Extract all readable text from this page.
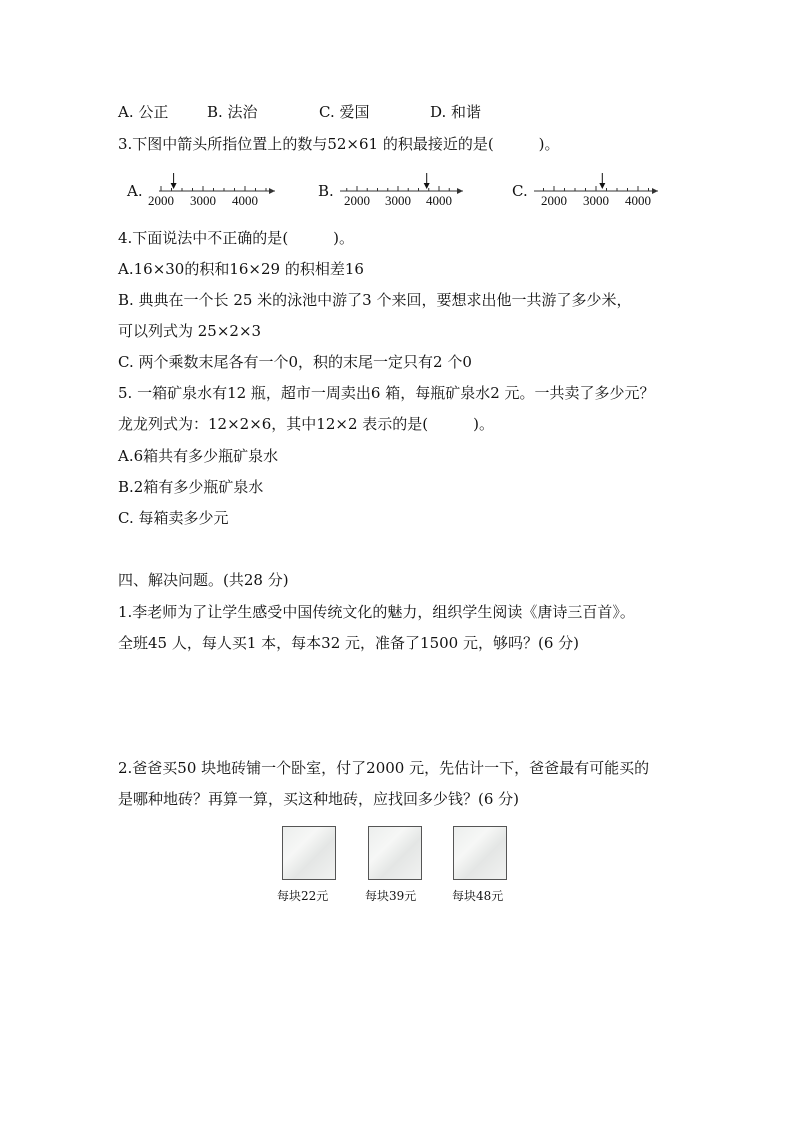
A. 公正	B. 法治	C. 爱国	D. 和谐
3.下图中箭头所指位置上的数与52×61 的积最接近的是(　　　)。
A.
2000 3000 4000
B.
2000 3000 4000
C.
2000 3000 4000
4.下面说法中不正确的是(　　　)。
A.16×30的积和16×29 的积相差16
B. 典典在一个长 25 米的泳池中游了3 个来回，要想求出他一共游了多少米，
可以列式为 25×2×3
C. 两个乘数末尾各有一个0，积的末尾一定只有2 个0
5. 一箱矿泉水有12 瓶，超市一周卖出6 箱，每瓶矿泉水2 元。一共卖了多少元？
龙龙列式为：12×2×6，其中12×2 表示的是(　　　)。
A.6箱共有多少瓶矿泉水
B.2箱有多少瓶矿泉水
C. 每箱卖多少元
四、解决问题。(共28 分)
1.李老师为了让学生感受中国传统文化的魅力，组织学生阅读《唐诗三百首》。
全班45 人，每人买1 本，每本32 元，准备了1500 元，够吗？(6 分)
2.爸爸买50 块地砖铺一个卧室，付了2000 元，先估计一下，爸爸最有可能买的
是哪种地砖？再算一算，买这种地砖，应找回多少钱？(6 分)
每块22元	每块39元	每块48元
